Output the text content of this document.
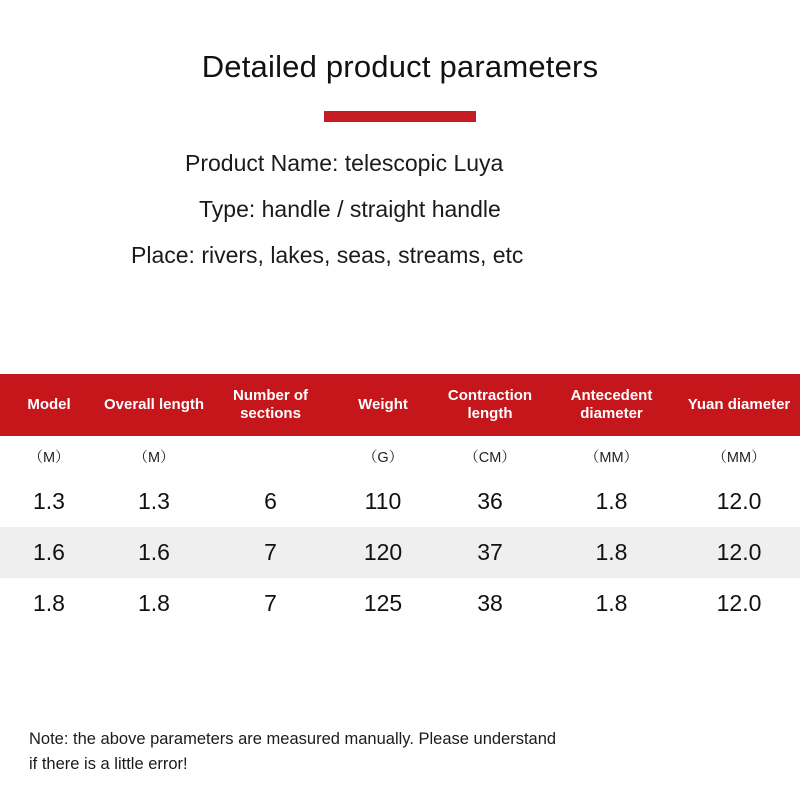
Detailed product parameters
Product Name: telescopic Luya
Type: handle / straight handle
Place: rivers, lakes, seas, streams, etc
Model	Overall length	Number of sections	Weight	Contraction length	Antecedent diameter	Yuan diameter
（M）	（M）		（G）	（CM）	（MM）	（MM）
1.3	1.3	6	110	36	1.8	12.0
1.6	1.6	7	120	37	1.8	12.0
1.8	1.8	7	125	38	1.8	12.0
Note: the above parameters are measured manually. Please understand
if there is a little error!
